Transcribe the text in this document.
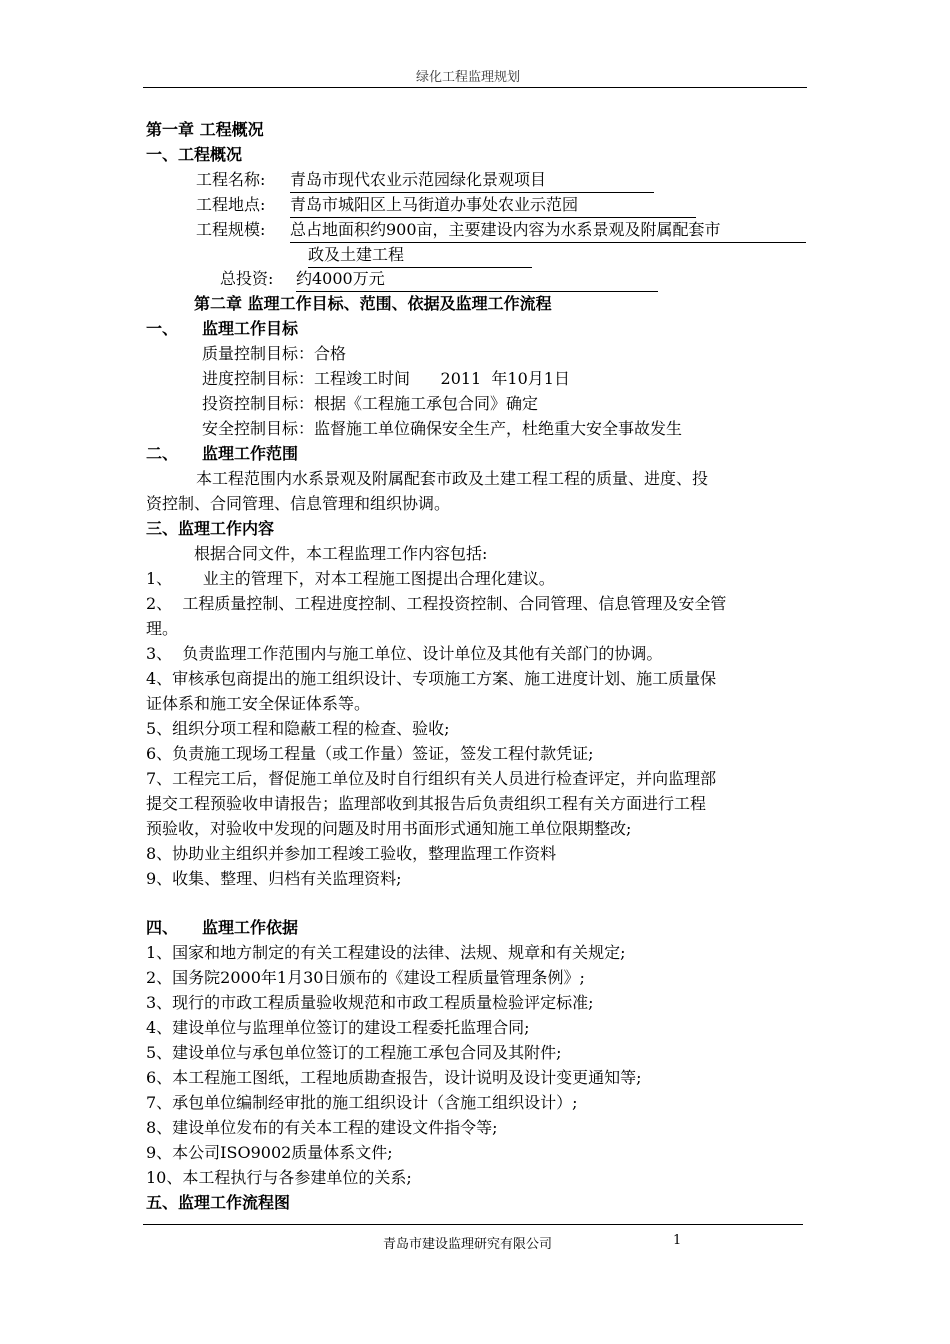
绿化工程监理规划
第一章 工程概况
一、工程概况
工程名称: 青岛市现代农业示范园绿化景观项目
工程地点: 青岛市城阳区上马街道办事处农业示范园
工程规模: 总占地面积约900亩，主要建设内容为水系景观及附属配套市
政及土建工程
总投资: 约4000万元
第二章 监理工作目标、范围、依据及监理工作流程
一、 监理工作目标
质量控制目标：合格
进度控制目标：工程竣工时间      2011  年10月1日
投资控制目标：根据《工程施工承包合同》确定
安全控制目标：监督施工单位确保安全生产，杜绝重大安全事故发生
二、 监理工作范围
本工程范围内水系景观及附属配套市政及土建工程工程的质量、进度、投
资控制、合同管理、信息管理和组织协调。
三、监理工作内容
根据合同文件，本工程监理工作内容包括:
1、      业主的管理下，对本工程施工图提出合理化建议。
2、  工程质量控制、工程进度控制、工程投资控制、合同管理、信息管理及安全管
理。
3、  负责监理工作范围内与施工单位、设计单位及其他有关部门的协调。
4、审核承包商提出的施工组织设计、专项施工方案、施工进度计划、施工质量保
证体系和施工安全保证体系等。
5、组织分项工程和隐蔽工程的检查、验收;
6、负责施工现场工程量（或工作量）签证，签发工程付款凭证;
7、工程完工后，督促施工单位及时自行组织有关人员进行检查评定，并向监理部
提交工程预验收申请报告；监理部收到其报告后负责组织工程有关方面进行工程
预验收，对验收中发现的问题及时用书面形式通知施工单位限期整改;
8、协助业主组织并参加工程竣工验收，整理监理工作资料
9、收集、整理、归档有关监理资料;
四、 监理工作依据
1、国家和地方制定的有关工程建设的法律、法规、规章和有关规定;
2、国务院2000年1月30日颁布的《建设工程质量管理条例》;
3、现行的市政工程质量验收规范和市政工程质量检验评定标准;
4、建设单位与监理单位签订的建设工程委托监理合同;
5、建设单位与承包单位签订的工程施工承包合同及其附件;
6、本工程施工图纸，工程地质勘查报告，设计说明及设计变更通知等;
7、承包单位编制经审批的施工组织设计（含施工组织设计）;
8、建设单位发布的有关本工程的建设文件指令等;
9、本公司ISO9002质量体系文件;
10、本工程执行与各参建单位的关系;
五、监理工作流程图
青岛市建设监理研究有限公司	1
